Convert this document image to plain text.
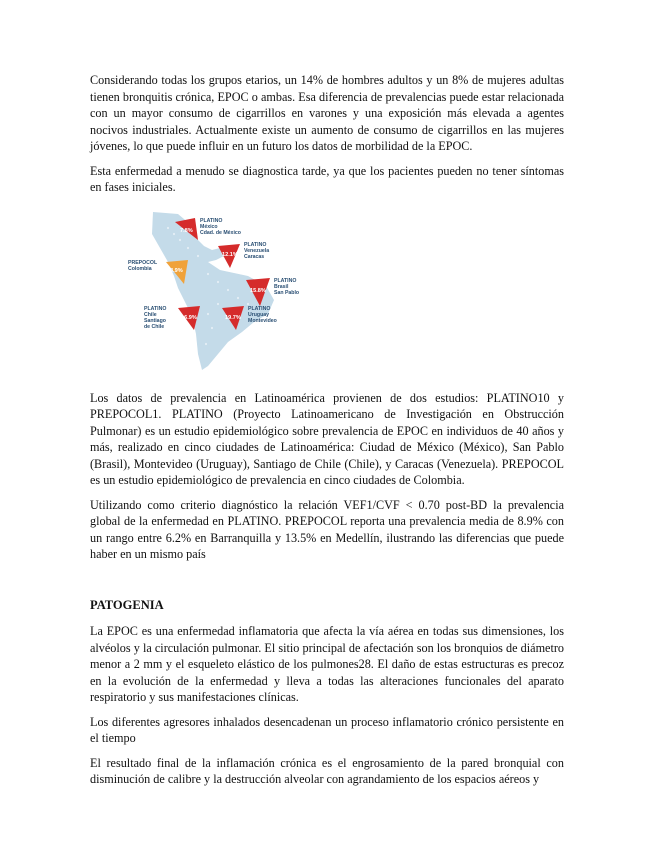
Considerando todas los grupos etarios, un 14% de hombres adultos y un 8% de mujeres adultas tienen bronquitis crónica, EPOC o ambas. Esa diferencia de prevalencias puede estar relacionada con un mayor consumo de cigarrillos en varones y una exposición más elevada a agentes nocivos industriales. Actualmente existe un aumento de consumo de cigarrillos en las mujeres jóvenes, lo que puede influir en un futuro los datos de morbilidad de la EPOC.

Esta enfermedad a menudo se diagnostica tarde, ya que los pacientes pueden no tener síntomas en fases iniciales.

7.8%
PLATINO
México
Cdad. de México
12.1%
PLATINO
Venezuela
Caracas
8.9%
PREPOCOL
Colombia
15.8%
PLATINO
Brasil
San Pablo
16.9%
PLATINO
Chile
Santiago
de Chile
19.7%
PLATINO
Uruguay
Montevideo

Los datos de prevalencia en Latinoamérica provienen de dos estudios: PLATINO10 y PREPOCOL1. PLATINO (Proyecto Latinoamericano de Investigación en Obstrucción Pulmonar) es un estudio epidemiológico sobre prevalencia de EPOC en individuos de 40 años y más, realizado en cinco ciudades de Latinoamérica: Ciudad de México (México), San Pablo (Brasil), Montevideo (Uruguay), Santiago de Chile (Chile), y Caracas (Venezuela). PREPOCOL es un estudio epidemiológico de prevalencia en cinco ciudades de Colombia.

Utilizando como criterio diagnóstico la relación VEF1/CVF < 0.70 post-BD la prevalencia global de la enfermedad en PLATINO. PREPOCOL reporta una prevalencia media de 8.9% con un rango entre 6.2% en Barranquilla y 13.5% en Medellín, ilustrando las diferencias que puede haber en un mismo país

PATOGENIA

La EPOC es una enfermedad inflamatoria que afecta la vía aérea en todas sus dimensiones, los alvéolos y la circulación pulmonar. El sitio principal de afectación son los bronquios de diámetro menor a 2 mm y el esqueleto elástico de los pulmones28. El daño de estas estructuras es precoz en la evolución de la enfermedad y lleva a todas las alteraciones funcionales del aparato respiratorio y sus manifestaciones clínicas.

Los diferentes agresores inhalados desencadenan un proceso inflamatorio crónico persistente en el tiempo

El resultado final de la inflamación crónica es el engrosamiento de la pared bronquial con disminución de calibre y la destrucción alveolar con agrandamiento de los espacios aéreos y
